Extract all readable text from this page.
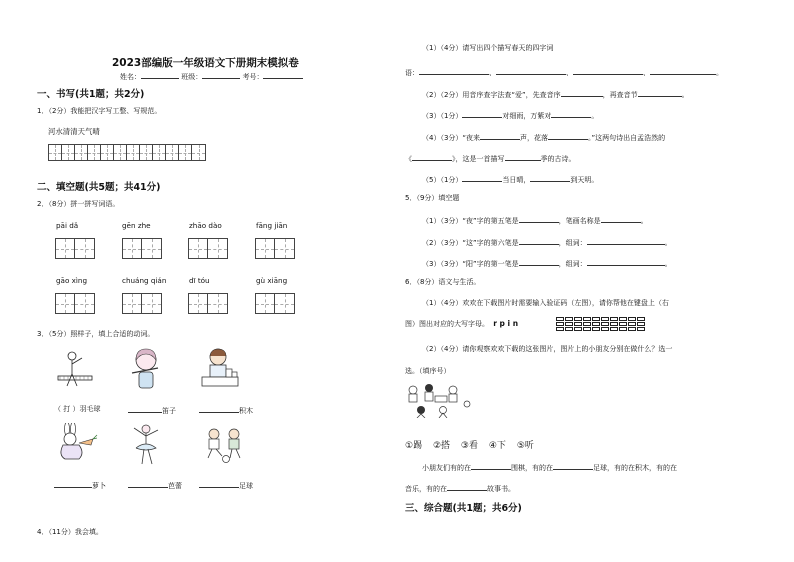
2023部编版一年级语文下册期末模拟卷
姓名：	班级：	考号：
一、书写(共1题；共2分)
1．（2分）我能把汉字写工整、写规范。
河水清清天气晴
二、填空题(共5题；共41分)
2．（8分）拼一拼写词语。
pāi dǎ	gēn zhe	zhāo dào	fāng jiān
gāo xìng	chuáng qián	dī tóu	gù xiāng
3．（5分）照样子，填上合适的动词。
（ 打 ）羽毛球	笛子	积木
萝卜	芭蕾	足球
4．（11分）我会填。
（1）（4分）请写出四个描写春天的四字词
语：	、	、	、	。
（2）（2分）用音序查字法查“爱”，先查音序	，再查音节	。
（3）（1分）	对细雨，万紫对	。
（4）（3分）“夜来	声，花落	。”这两句诗出自孟浩然的
《	》，这是一首描写	季的古诗。
（5）（1分）	当日晴，	到天明。
5．（9分）填空题
（1）（3分）“夜”字的第五笔是	，笔画名称是	。
（2）（3分）“这”字的第六笔是	，组词：	。
（3）（3分）“阳”字的第一笔是	，组词：	。
6．（8分）语文与生活。
（1）（4分）欢欢在下载图片时需要输入验证码（左图），请你帮他在键盘上（右
图）图出对应的大写字母。 r p i n
（2）（4分）请你观察欢欢下载的这张图片，图片上的小朋友分别在做什么？选一
选。（填序号）
①踢 ②搭 ③看 ④下 ⑤听
小朋友们有的在	围棋，有的在	足球，有的在积木，有的在
音乐，有的在	故事书。
三、综合题(共1题；共6分)
